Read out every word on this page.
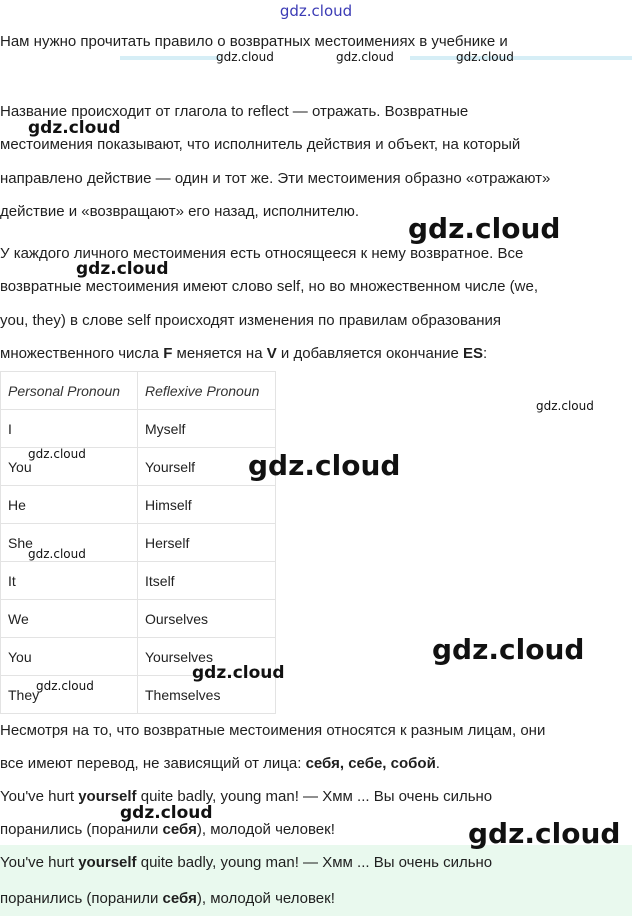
gdz.cloud
Нам нужно прочитать правило о возвратных местоимениях в учебнике и
Название происходит от глагола to reflect — отражать. Возвратные
местоимения показывают, что исполнитель действия и объект, на который
направлено действие — один и тот же. Эти местоимения образно «отражают»
действие и «возвращают» его назад, исполнителю.
У каждого личного местоимения есть относящееся к нему возвратное. Все
возвратные местоимения имеют слово self, но во множественном числе (we,
you, they) в слове self происходят изменения по правилам образования
множественного числа F меняется на V и добавляется окончание ES:
Personal Pronoun	Reflexive Pronoun
I	Myself
You	Yourself
He	Himself
She	Herself
It	Itself
We	Ourselves
You	Yourselves
They	Themselves
Несмотря на то, что возвратные местоимения относятся к разным лицам, они
все имеют перевод, не зависящий от лица: себя, себе, собой.
You've hurt yourself quite badly, young man! — Хмм ... Вы очень сильно
поранились (поранили себя), молодой человек!
You've hurt yourself quite badly, young man! — Хмм ... Вы очень сильно
поранились (поранили себя), молодой человек!
gdz.cloud	gdz.cloud	gdz.cloud
gdz.cloud
gdz.cloud
gdz.cloud
gdz.cloud
gdz.cloud	gdz.cloud
gdz.cloud
gdz.cloud
gdz.cloud
gdz.cloud
gdz.cloud
gdz.cloud
